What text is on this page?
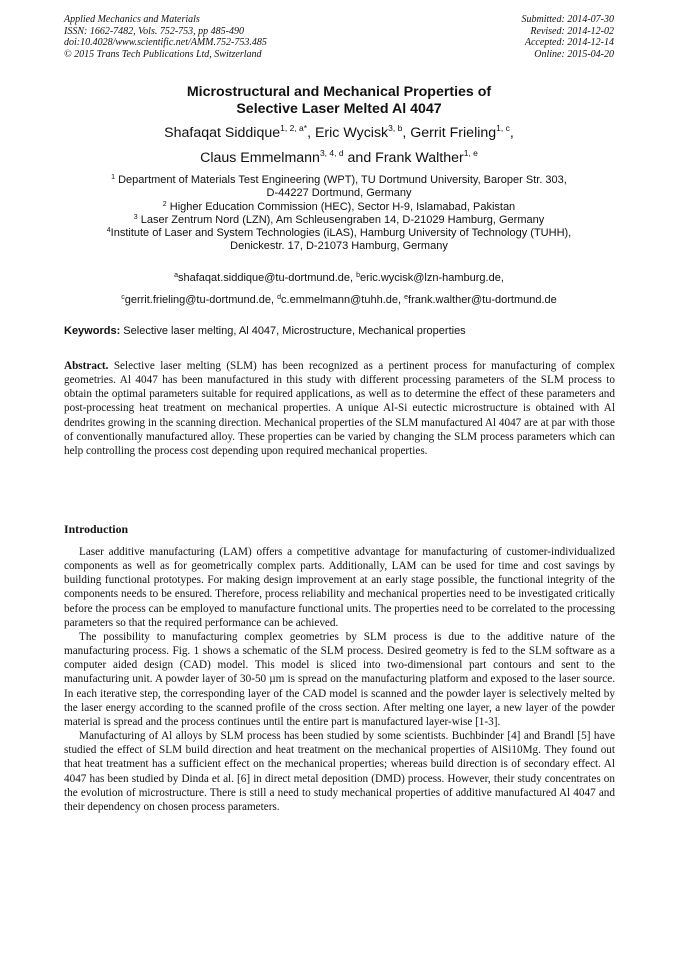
Applied Mechanics and Materials
ISSN: 1662-7482, Vols. 752-753, pp 485-490
doi:10.4028/www.scientific.net/AMM.752-753.485
© 2015 Trans Tech Publications Ltd, Switzerland
Submitted: 2014-07-30
Revised: 2014-12-02
Accepted: 2014-12-14
Online: 2015-04-20
Microstructural and Mechanical Properties of
Selective Laser Melted Al 4047
Shafaqat Siddique$^{1, 2, a*}$, Eric Wycisk$^{3, b}$, Gerrit Frieling$^{1, c}$,
Claus Emmelmann$^{3, 4, d}$ and Frank Walther$^{1, e}$
$^1$ Department of Materials Test Engineering (WPT), TU Dortmund University, Baroper Str. 303,
D-44227 Dortmund, Germany
$^2$ Higher Education Commission (HEC), Sector H-9, Islamabad, Pakistan
$^3$ Laser Zentrum Nord (LZN), Am Schleusengraben 14, D-21029 Hamburg, Germany
$^4$Institute of Laser and System Technologies (iLAS), Hamburg University of Technology (TUHH),
Denickestr. 17, D-21073 Hamburg, Germany
$^a$shafaqat.siddique@tu-dortmund.de, $^b$eric.wycisk@lzn-hamburg.de,
$^c$gerrit.frieling@tu-dortmund.de, $^d$c.emmelmann@tuhh.de, $^e$frank.walther@tu-dortmund.de
Keywords: Selective laser melting, Al 4047, Microstructure, Mechanical properties
Abstract. Selective laser melting (SLM) has been recognized as a pertinent process for manufacturing of complex geometries. Al 4047 has been manufactured in this study with different processing parameters of the SLM process to obtain the optimal parameters suitable for required applications, as well as to determine the effect of these parameters and post-processing heat treatment on mechanical properties. A unique Al-Si eutectic microstructure is obtained with Al dendrites growing in the scanning direction. Mechanical properties of the SLM manufactured Al 4047 are at par with those of conventionally manufactured alloy. These properties can be varied by changing the SLM process parameters which can help controlling the process cost depending upon required mechanical properties.
Introduction

Laser additive manufacturing (LAM) offers a competitive advantage for manufacturing of customer-individualized components as well as for geometrically complex parts. Additionally, LAM can be used for time and cost savings by building functional prototypes. For making design improvement at an early stage possible, the functional integrity of the components needs to be ensured. Therefore, process reliability and mechanical properties need to be investigated critically before the process can be employed to manufacture functional units. The properties need to be correlated to the processing parameters so that the required performance can be achieved.

The possibility to manufacturing complex geometries by SLM process is due to the additive nature of the manufacturing process. Fig. 1 shows a schematic of the SLM process. Desired geometry is fed to the SLM software as a computer aided design (CAD) model. This model is sliced into two-dimensional part contours and sent to the manufacturing unit. A powder layer of 30-50 µm is spread on the manufacturing platform and exposed to the laser source. In each iterative step, the corresponding layer of the CAD model is scanned and the powder layer is selectively melted by the laser energy according to the scanned profile of the cross section. After melting one layer, a new layer of the powder material is spread and the process continues until the entire part is manufactured layer-wise [1-3].

Manufacturing of Al alloys by SLM process has been studied by some scientists. Buchbinder [4] and Brandl [5] have studied the effect of SLM build direction and heat treatment on the mechanical properties of AlSi10Mg. They found out that heat treatment has a sufficient effect on the mechanical properties; whereas build direction is of secondary effect. Al 4047 has been studied by Dinda et al. [6] in direct metal deposition (DMD) process. However, their study concentrates on the evolution of microstructure. There is still a need to study mechanical properties of additive manufactured Al 4047 and their dependency on chosen process parameters.
